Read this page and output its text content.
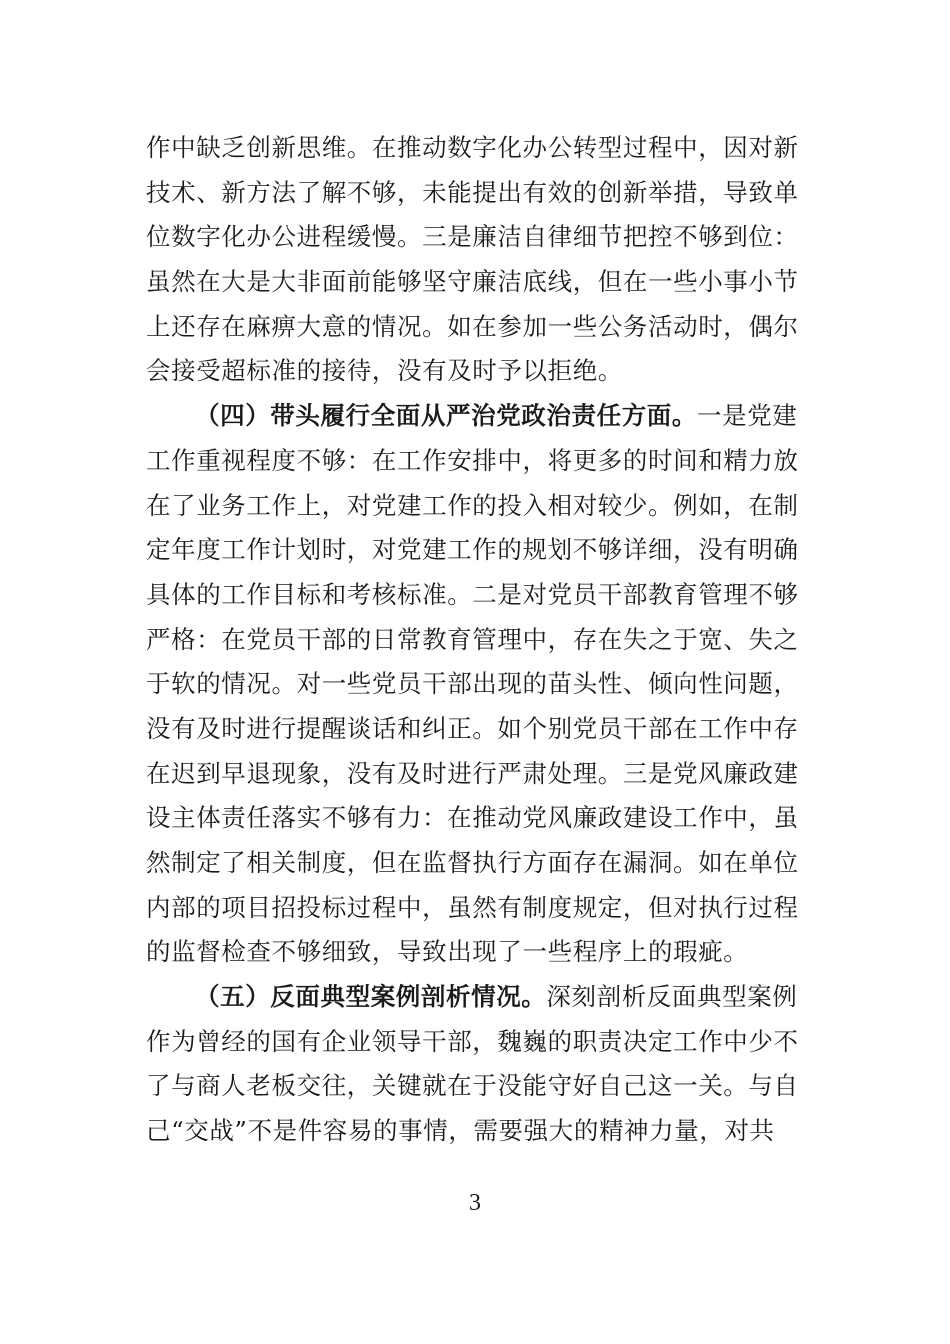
作中缺乏创新思维。在推动数字化办公转型过程中，因对新
技术、新方法了解不够，未能提出有效的创新举措，导致单
位数字化办公进程缓慢。三是廉洁自律细节把控不够到位：
虽然在大是大非面前能够坚守廉洁底线，但在一些小事小节
上还存在麻痹大意的情况。如在参加一些公务活动时，偶尔
会接受超标准的接待，没有及时予以拒绝。
（四）带头履行全面从严治党政治责任方面。一是党建
工作重视程度不够：在工作安排中，将更多的时间和精力放
在了业务工作上，对党建工作的投入相对较少。例如，在制
定年度工作计划时，对党建工作的规划不够详细，没有明确
具体的工作目标和考核标准。二是对党员干部教育管理不够
严格：在党员干部的日常教育管理中，存在失之于宽、失之
于软的情况。对一些党员干部出现的苗头性、倾向性问题，
没有及时进行提醒谈话和纠正。如个别党员干部在工作中存
在迟到早退现象，没有及时进行严肃处理。三是党风廉政建
设主体责任落实不够有力：在推动党风廉政建设工作中，虽
然制定了相关制度，但在监督执行方面存在漏洞。如在单位
内部的项目招投标过程中，虽然有制度规定，但对执行过程
的监督检查不够细致，导致出现了一些程序上的瑕疵。
（五）反面典型案例剖析情况。深刻剖析反面典型案例
作为曾经的国有企业领导干部，魏巍的职责决定工作中少不
了与商人老板交往，关键就在于没能守好自己这一关。与自
己“交战”不是件容易的事情，需要强大的精神力量，对共
3
